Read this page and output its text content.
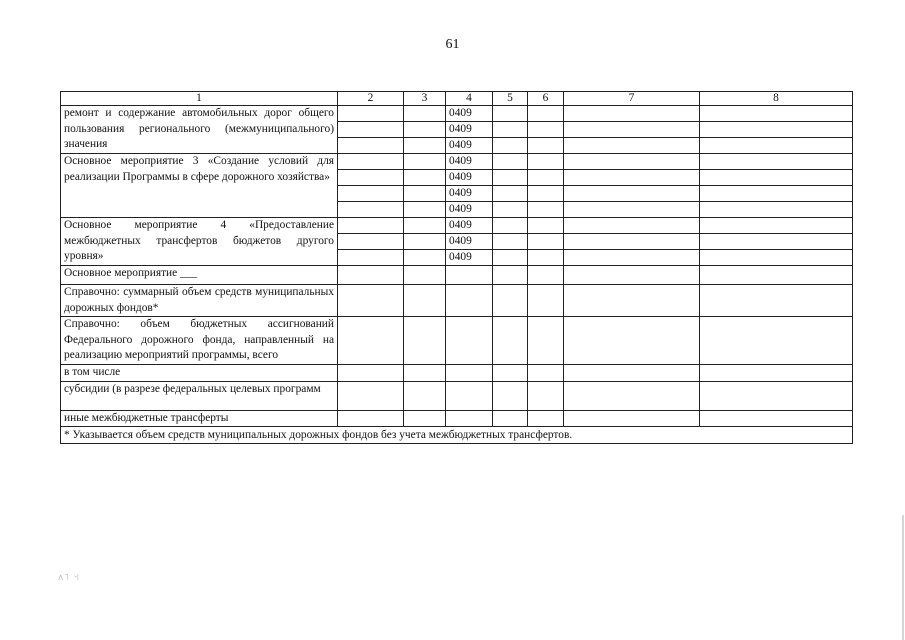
61
1	2	3	4	5	6	7	8
ремонт и содержание автомобильных дорог общего пользования регионального (межмуниципального) значения			0409				
			0409				
			0409				
Основное мероприятие 3 «Создание условий для реализации Программы в сфере дорожного хозяйства»			0409				
			0409				
			0409				
			0409				
Основное мероприятие 4 «Предоставление межбюджетных трансфертов бюджетов другого уровня»			0409				
			0409				
			0409				
Основное мероприятие ___							
Справочно: суммарный объем средств муниципальных дорожных фондов*							
Справочно: объем бюджетных ассигнований Федерального дорожного фонда, направленный на реализацию мероприятий программы, всего							
в том числе							
субсидии (в разрезе федеральных целевых программ							
иные межбюджетные трансферты							
* Указывается объем средств муниципальных дорожных фондов без учета межбюджетных трансфертов.							
ʌ˥ ˦˧
